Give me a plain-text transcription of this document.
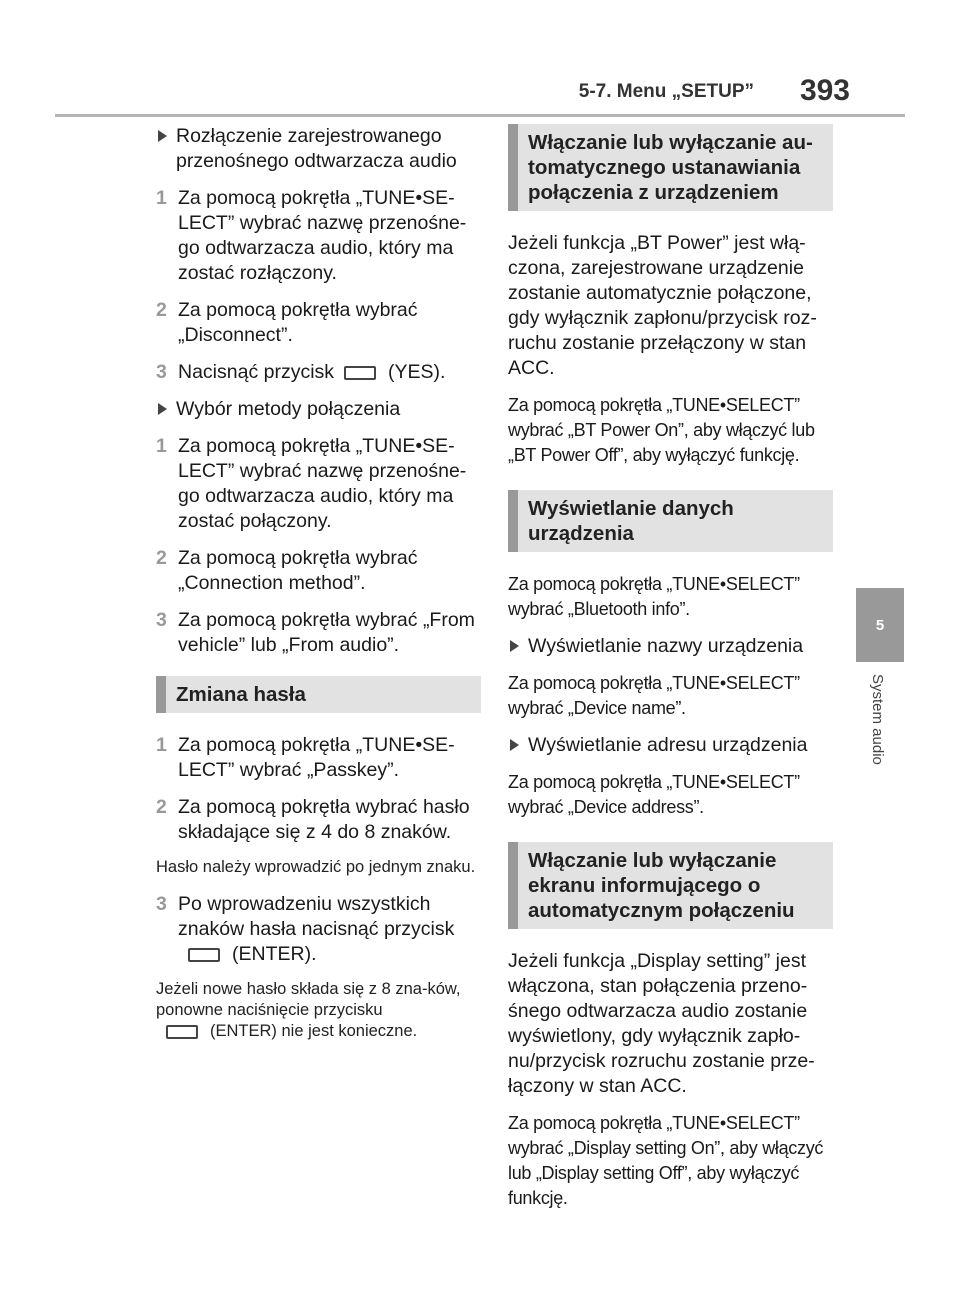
5-7. Menu „SETUP” 393
5
System audio
Rozłączenie zarejestrowanego przenośnego odtwarzacza audio
1 Za pomocą pokrętła „TUNE•SE-LECT” wybrać nazwę przenośne-go odtwarzacza audio, który ma zostać rozłączony.
2 Za pomocą pokrętła wybrać „Disconnect”.
3 Nacisnąć przycisk	(YES).
Wybór metody połączenia
1 Za pomocą pokrętła „TUNE•SE-LECT” wybrać nazwę przenośne-go odtwarzacza audio, który ma zostać połączony.
2 Za pomocą pokrętła wybrać „Connection method”.
3 Za pomocą pokrętła wybrać „From vehicle” lub „From audio”.
Zmiana hasła
1 Za pomocą pokrętła „TUNE•SE-LECT” wybrać „Passkey”.
2 Za pomocą pokrętła wybrać hasło składające się z 4 do 8 znaków.
Hasło należy wprowadzić po jednym znaku.
3 Po wprowadzeniu wszystkich znaków hasła nacisnąć przycisk
(ENTER).
Jeżeli nowe hasło składa się z 8 zna-ków, ponowne naciśnięcie przycisku
(ENTER) nie jest konieczne.
Włączanie lub wyłączanie au-tomatycznego ustanawiania połączenia z urządzeniem
Jeżeli funkcja „BT Power” jest włą-czona, zarejestrowane urządzenie zostanie automatycznie połączone, gdy wyłącznik zapłonu/przycisk roz-ruchu zostanie przełączony w stan ACC.
Za pomocą pokrętła „TUNE•SELECT” wybrać „BT Power On”, aby włączyć lub „BT Power Off”, aby wyłączyć funkcję.
Wyświetlanie danych urządzenia
Za pomocą pokrętła „TUNE•SELECT” wybrać „Bluetooth info”.
Wyświetlanie nazwy urządzenia
Za pomocą pokrętła „TUNE•SELECT” wybrać „Device name”.
Wyświetlanie adresu urządzenia
Za pomocą pokrętła „TUNE•SELECT” wybrać „Device address”.
Włączanie lub wyłączanie ekranu informującego o automatycznym połączeniu
Jeżeli funkcja „Display setting” jest włączona, stan połączenia przeno-śnego odtwarzacza audio zostanie wyświetlony, gdy wyłącznik zapło-nu/przycisk rozruchu zostanie prze-łączony w stan ACC.
Za pomocą pokrętła „TUNE•SELECT” wybrać „Display setting On”, aby włączyć lub „Display setting Off”, aby wyłączyć funkcję.
